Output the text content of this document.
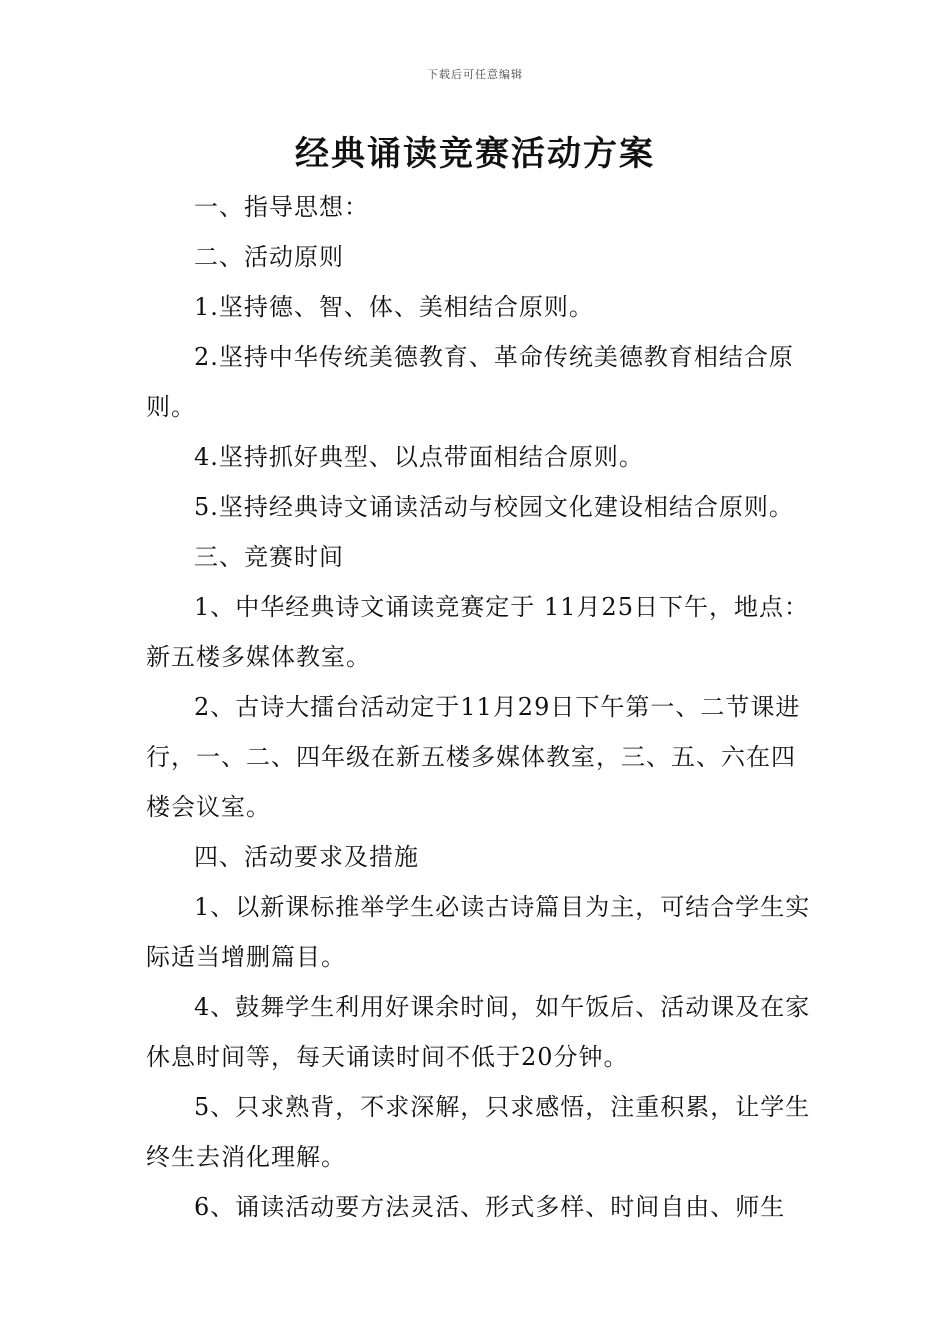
下载后可任意编辑
经典诵读竞赛活动方案

一、指导思想：

二、活动原则

1.坚持德、智、体、美相结合原则。

2.坚持中华传统美德教育、革命传统美德教育相结合原则。

4.坚持抓好典型、以点带面相结合原则。

5.坚持经典诗文诵读活动与校园文化建设相结合原则。

三、竞赛时间

1、中华经典诗文诵读竞赛定于 11月25日下午，地点：新五楼多媒体教室。

2、古诗大擂台活动定于11月29日下午第一、二节课进行，一、二、四年级在新五楼多媒体教室，三、五、六在四楼会议室。

四、活动要求及措施

1、以新课标推举学生必读古诗篇目为主，可结合学生实际适当增删篇目。

4、鼓舞学生利用好课余时间，如午饭后、活动课及在家休息时间等，每天诵读时间不低于20分钟。

5、只求熟背，不求深解，只求感悟，注重积累，让学生终生去消化理解。

6、诵读活动要方法灵活、形式多样、时间自由、师生
